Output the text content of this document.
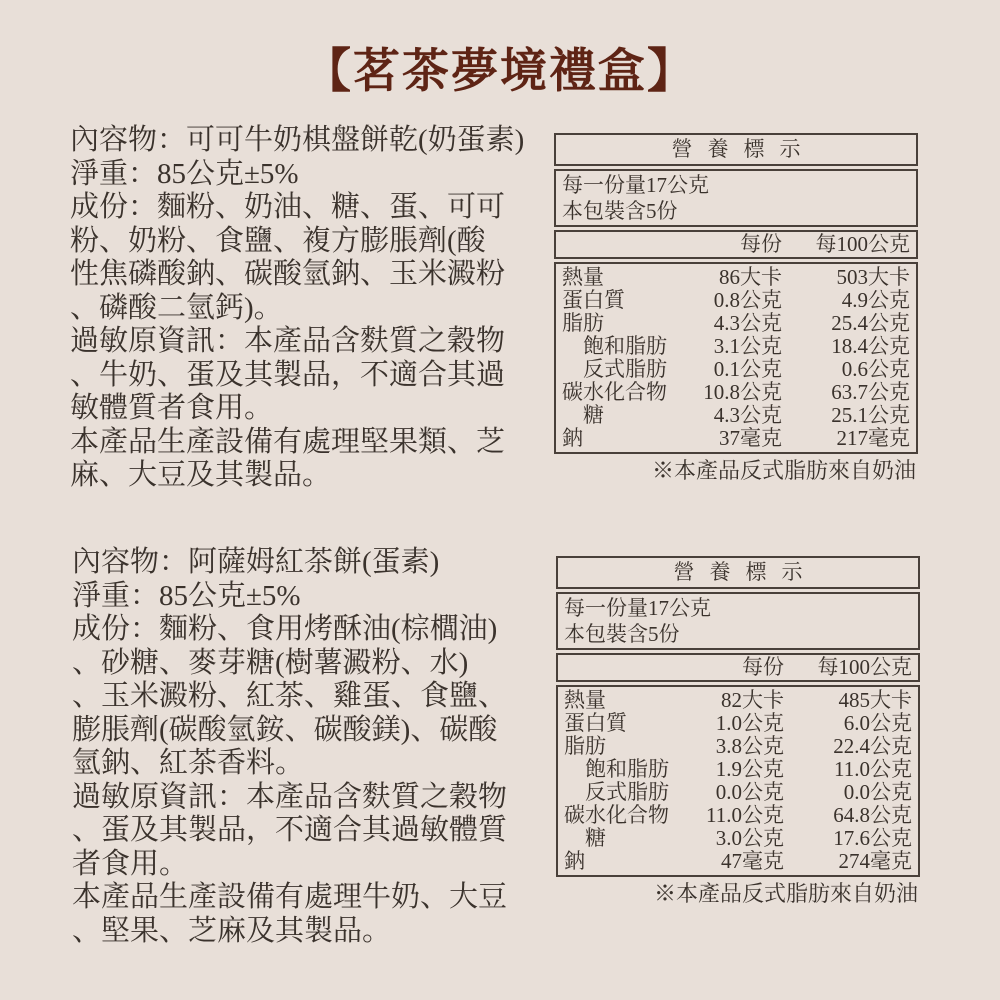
【茗茶夢境禮盒】
內容物：可可牛奶棋盤餅乾(奶蛋素)
淨重：85公克±5%
成份：麵粉、奶油、糖、蛋、可可
粉、奶粉、食鹽、複方膨脹劑(酸
性焦磷酸鈉、碳酸氫鈉、玉米澱粉
、磷酸二氫鈣)。
過敏原資訊：本產品含麩質之穀物
、牛奶、蛋及其製品，不適合其過
敏體質者食用。
本產品生產設備有處理堅果類、芝
麻、大豆及其製品。
營養標示
每一份量17公克
本包裝含5份
每份	每100公克
熱量	86大卡	503大卡
蛋白質	0.8公克	4.9公克
脂肪	4.3公克	25.4公克
　飽和脂肪	3.1公克	18.4公克
　反式脂肪	0.1公克	0.6公克
碳水化合物	10.8公克	63.7公克
　糖	4.3公克	25.1公克
鈉	37毫克	217毫克
※本產品反式脂肪來自奶油
內容物：阿薩姆紅茶餅(蛋素)
淨重：85公克±5%
成份：麵粉、食用烤酥油(棕櫚油)
、砂糖、麥芽糖(樹薯澱粉、水)
、玉米澱粉、紅茶、雞蛋、食鹽、
膨脹劑(碳酸氫銨、碳酸鎂)、碳酸
氫鈉、紅茶香料。
過敏原資訊：本產品含麩質之穀物
、蛋及其製品，不適合其過敏體質
者食用。
本產品生產設備有處理牛奶、大豆
、堅果、芝麻及其製品。
營養標示
每一份量17公克
本包裝含5份
每份	每100公克
熱量	82大卡	485大卡
蛋白質	1.0公克	6.0公克
脂肪	3.8公克	22.4公克
　飽和脂肪	1.9公克	11.0公克
　反式脂肪	0.0公克	0.0公克
碳水化合物	11.0公克	64.8公克
　糖	3.0公克	17.6公克
鈉	47毫克	274毫克
※本產品反式脂肪來自奶油
